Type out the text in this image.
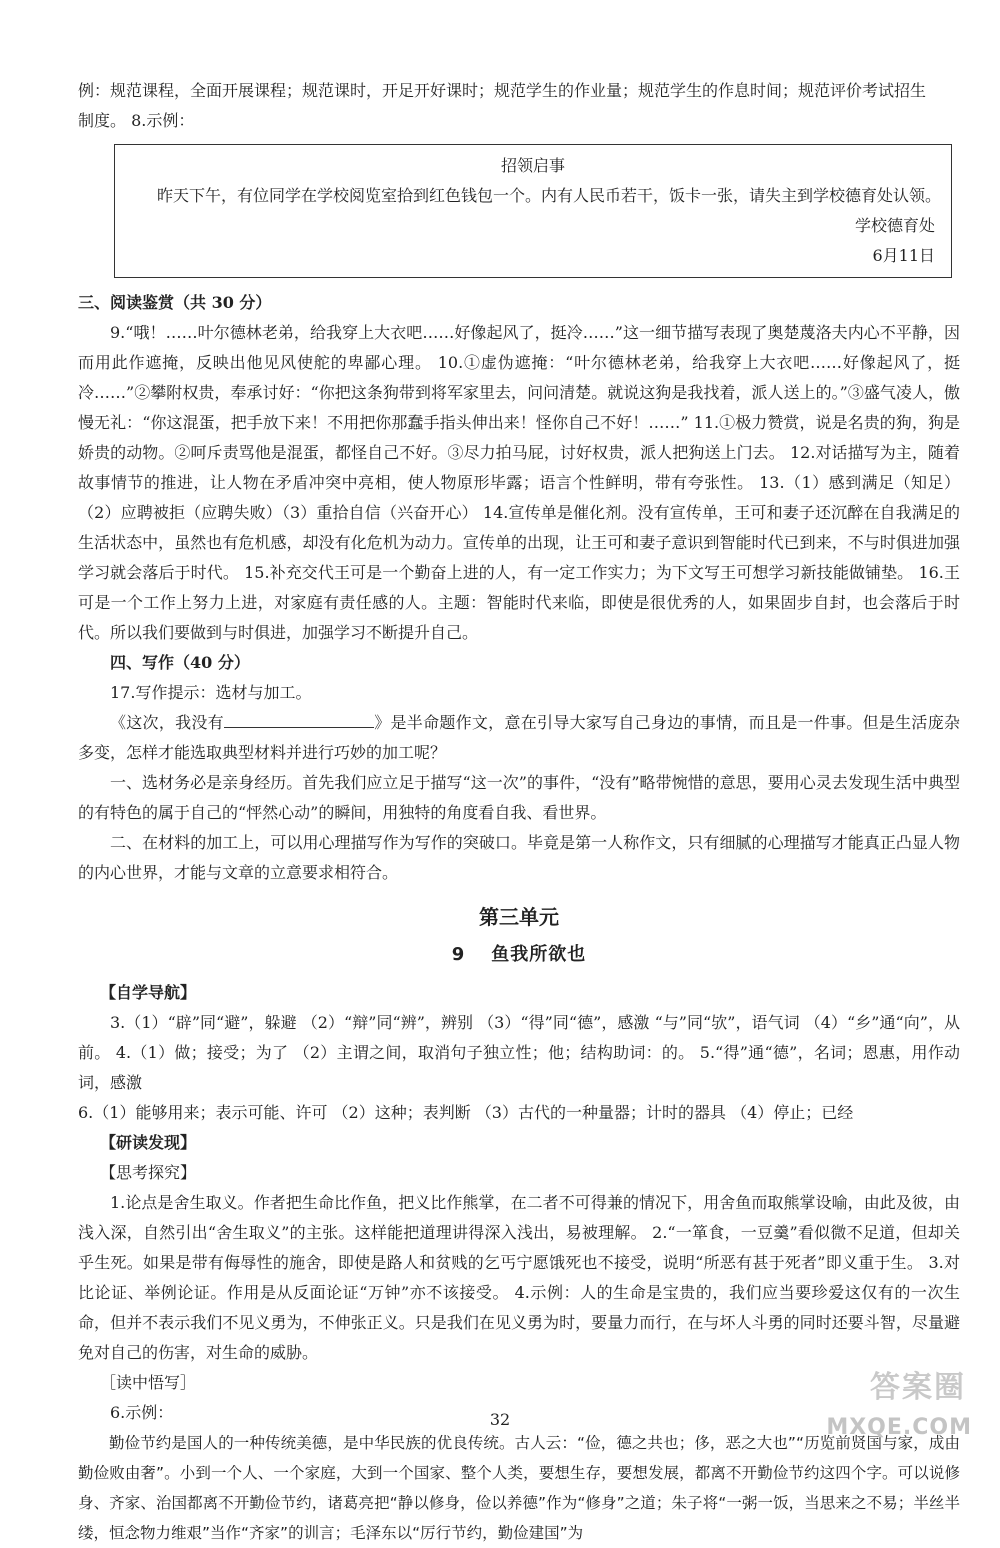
例：规范课程，全面开展课程；规范课时，开足开好课时；规范学生的作业量；规范学生的作息时间；规范评价考试招生

制度。 8.示例：

招领启事

昨天下午，有位同学在学校阅览室拾到红色钱包一个。内有人民币若干，饭卡一张，请失主到学校德育处认领。

学校德育处
6月11日

三、阅读鉴赏（共 30 分）

9.“哦！……叶尔德林老弟，给我穿上大衣吧……好像起风了，挺冷……”这一细节描写表现了奥楚蔑洛夫内心不平静，因而用此作遮掩，反映出他见风使舵的卑鄙心理。 10.①虚伪遮掩：“叶尔德林老弟，给我穿上大衣吧……好像起风了，挺冷……”②攀附权贵，奉承讨好：“你把这条狗带到将军家里去，问问清楚。就说这狗是我找着，派人送上的。”③盛气凌人，傲慢无礼：“你这混蛋，把手放下来！不用把你那蠢手指头伸出来！怪你自己不好！……” 11.①极力赞赏，说是名贵的狗，狗是娇贵的动物。②呵斥责骂他是混蛋，都怪自己不好。③尽力拍马屁，讨好权贵，派人把狗送上门去。 12.对话描写为主，随着故事情节的推进，让人物在矛盾冲突中亮相，使人物原形毕露；语言个性鲜明，带有夸张性。 13.（1）感到满足（知足）（2）应聘被拒（应聘失败）（3）重拾自信（兴奋开心） 14.宣传单是催化剂。没有宣传单，王可和妻子还沉醉在自我满足的生活状态中，虽然也有危机感，却没有化危机为动力。宣传单的出现，让王可和妻子意识到智能时代已到来，不与时俱进加强学习就会落后于时代。 15.补充交代王可是一个勤奋上进的人，有一定工作实力；为下文写王可想学习新技能做铺垫。 16.王可是一个工作上努力上进，对家庭有责任感的人。主题：智能时代来临，即使是很优秀的人，如果固步自封，也会落后于时代。所以我们要做到与时俱进，加强学习不断提升自己。

四、写作（40 分）

17.写作提示：选材与加工。

《这次，我没有	》是半命题作文，意在引导大家写自己身边的事情，而且是一件事。但是生活庞杂多变，怎样才能选取典型材料并进行巧妙的加工呢？

一、选材务必是亲身经历。首先我们应立足于描写“这一次”的事件，“没有”略带惋惜的意思，要用心灵去发现生活中典型的有特色的属于自己的“怦然心动”的瞬间，用独特的角度看自我、看世界。

二、在材料的加工上，可以用心理描写作为写作的突破口。毕竟是第一人称作文，只有细腻的心理描写才能真正凸显人物的内心世界，才能与文章的立意要求相符合。

第三单元
9 鱼我所欲也

【自学导航】

3.（1）“辟”同“避”，躲避 （2）“辩”同“辨”，辨别 （3）“得”同“德”，感激 “与”同“欤”，语气词 （4）“乡”通“向”，从前。 4.（1）做；接受；为了 （2）主谓之间，取消句子独立性；他；结构助词：的。 5.“得”通“德”，名词；恩惠，用作动词，感激

6.（1）能够用来；表示可能、许可 （2）这种；表判断 （3）古代的一种量器；计时的器具 （4）停止；已经

【研读发现】

【思考探究】

1.论点是舍生取义。作者把生命比作鱼，把义比作熊掌，在二者不可得兼的情况下，用舍鱼而取熊掌设喻，由此及彼，由浅入深，自然引出“舍生取义”的主张。这样能把道理讲得深入浅出，易被理解。 2.“一箪食，一豆羹”看似微不足道，但却关乎生死。如果是带有侮辱性的施舍，即使是路人和贫贱的乞丐宁愿饿死也不接受，说明“所恶有甚于死者”即义重于生。 3.对比论证、举例论证。作用是从反面论证“万钟”亦不该接受。 4.示例：人的生命是宝贵的，我们应当要珍爱这仅有的一次生命，但并不表示我们不见义勇为，不伸张正义。只是我们在见义勇为时，要量力而行，在与坏人斗勇的同时还要斗智，尽量避免对自己的伤害，对生命的威胁。

［读中悟写］

6.示例：

勤俭节约是国人的一种传统美德，是中华民族的优良传统。古人云：“俭，德之共也；侈，恶之大也”“历览前贤国与家，成由勤俭败由奢”。小到一个人、一个家庭，大到一个国家、整个人类，要想生存，要想发展，都离不开勤俭节约这四个字。可以说修身、齐家、治国都离不开勤俭节约，诸葛亮把“静以修身，俭以养德”作为“修身”之道；朱子将“一粥一饭，当思来之不易；半丝半缕，恒念物力维艰”当作“齐家”的训言；毛泽东以“厉行节约，勤俭建国”为

32
答案圈
MXQE.COM
